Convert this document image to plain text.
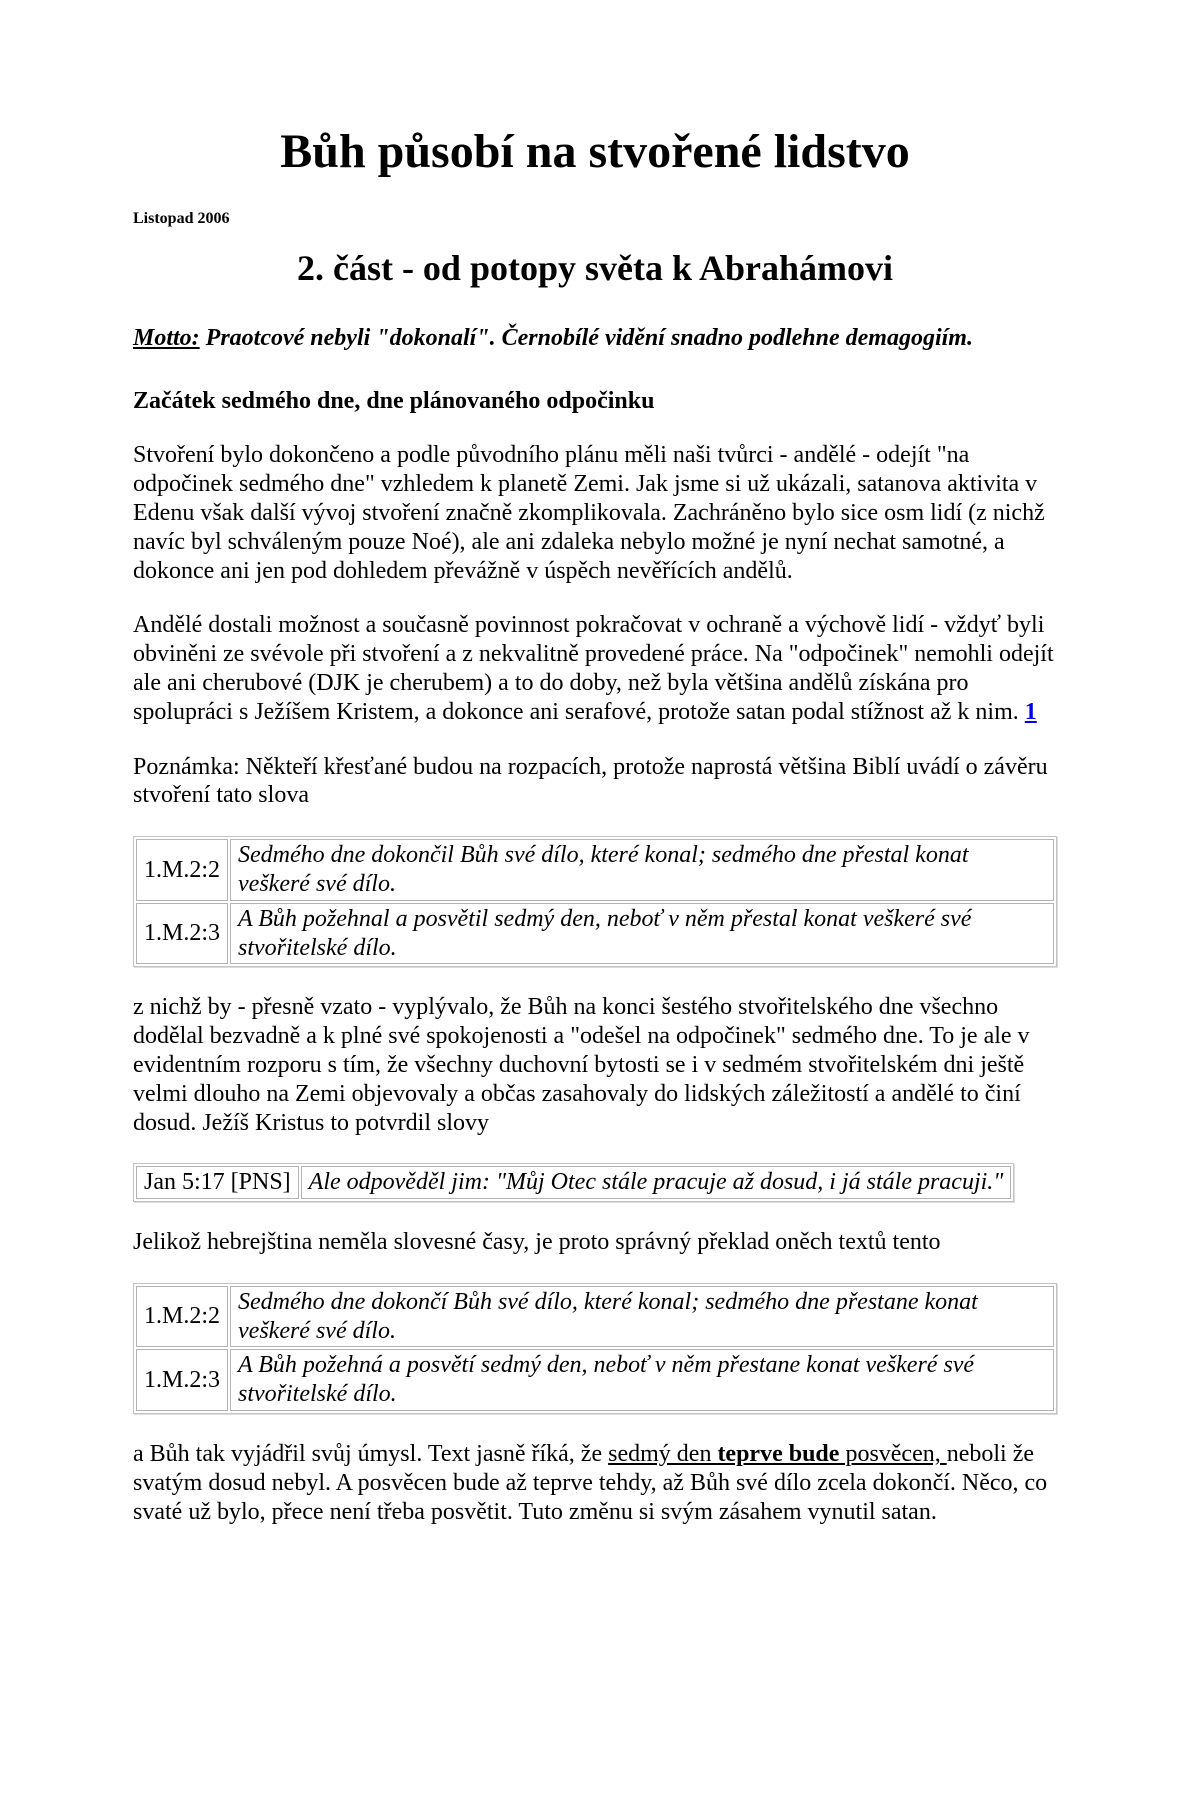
Bůh působí na stvořené lidstvo
Listopad 2006
2. část - od potopy světa k Abrahámovi

Motto: Praotcové nebyli "dokonalí". Černobílé vidění snadno podlehne demagogiím.

Začátek sedmého dne, dne plánovaného odpočinku

Stvoření bylo dokončeno a podle původního plánu měli naši tvůrci - andělé - odejít "na odpočinek sedmého dne" vzhledem k planetě Zemi. Jak jsme si už ukázali, satanova aktivita v Edenu však další vývoj stvoření značně zkomplikovala. Zachráněno bylo sice osm lidí (z nichž navíc byl schváleným pouze Noé), ale ani zdaleka nebylo možné je nyní nechat samotné, a dokonce ani jen pod dohledem převážně v úspěch nevěřících andělů.

Andělé dostali možnost a současně povinnost pokračovat v ochraně a výchově lidí - vždyť byli obviněni ze svévole při stvoření a z nekvalitně provedené práce. Na "odpočinek" nemohli odejít ale ani cherubové (DJK je cherubem) a to do doby, než byla většina andělů získána pro spolupráci s Ježíšem Kristem, a dokonce ani serafové, protože satan podal stížnost až k nim. 1

Poznámka: Někteří křesťané budou na rozpacích, protože naprostá většina Biblí uvádí o závěru stvoření tato slova

1.M.2:2	Sedmého dne dokončil Bůh své dílo, které konal; sedmého dne přestal konat veškeré své dílo.
1.M.2:3	A Bůh požehnal a posvětil sedmý den, neboť v něm přestal konat veškeré své stvořitelské dílo.

z nichž by - přesně vzato - vyplývalo, že Bůh na konci šestého stvořitelského dne všechno dodělal bezvadně a k plné své spokojenosti a "odešel na odpočinek" sedmého dne. To je ale v evidentním rozporu s tím, že všechny duchovní bytosti se i v sedmém stvořitelském dni ještě velmi dlouho na Zemi objevovaly a občas zasahovaly do lidských záležitostí a andělé to činí dosud. Ježíš Kristus to potvrdil slovy

Jan 5:17 [PNS]	Ale odpověděl jim: "Můj Otec stále pracuje až dosud, i já stále pracuji."

Jelikož hebrejština neměla slovesné časy, je proto správný překlad oněch textů tento

1.M.2:2	Sedmého dne dokončí Bůh své dílo, které konal; sedmého dne přestane konat veškeré své dílo.
1.M.2:3	A Bůh požehná a posvětí sedmý den, neboť v něm přestane konat veškeré své stvořitelské dílo.

a Bůh tak vyjádřil svůj úmysl. Text jasně říká, že sedmý den teprve bude posvěcen, neboli že svatým dosud nebyl. A posvěcen bude až teprve tehdy, až Bůh své dílo zcela dokončí. Něco, co svaté už bylo, přece není třeba posvětit. Tuto změnu si svým zásahem vynutil satan.
